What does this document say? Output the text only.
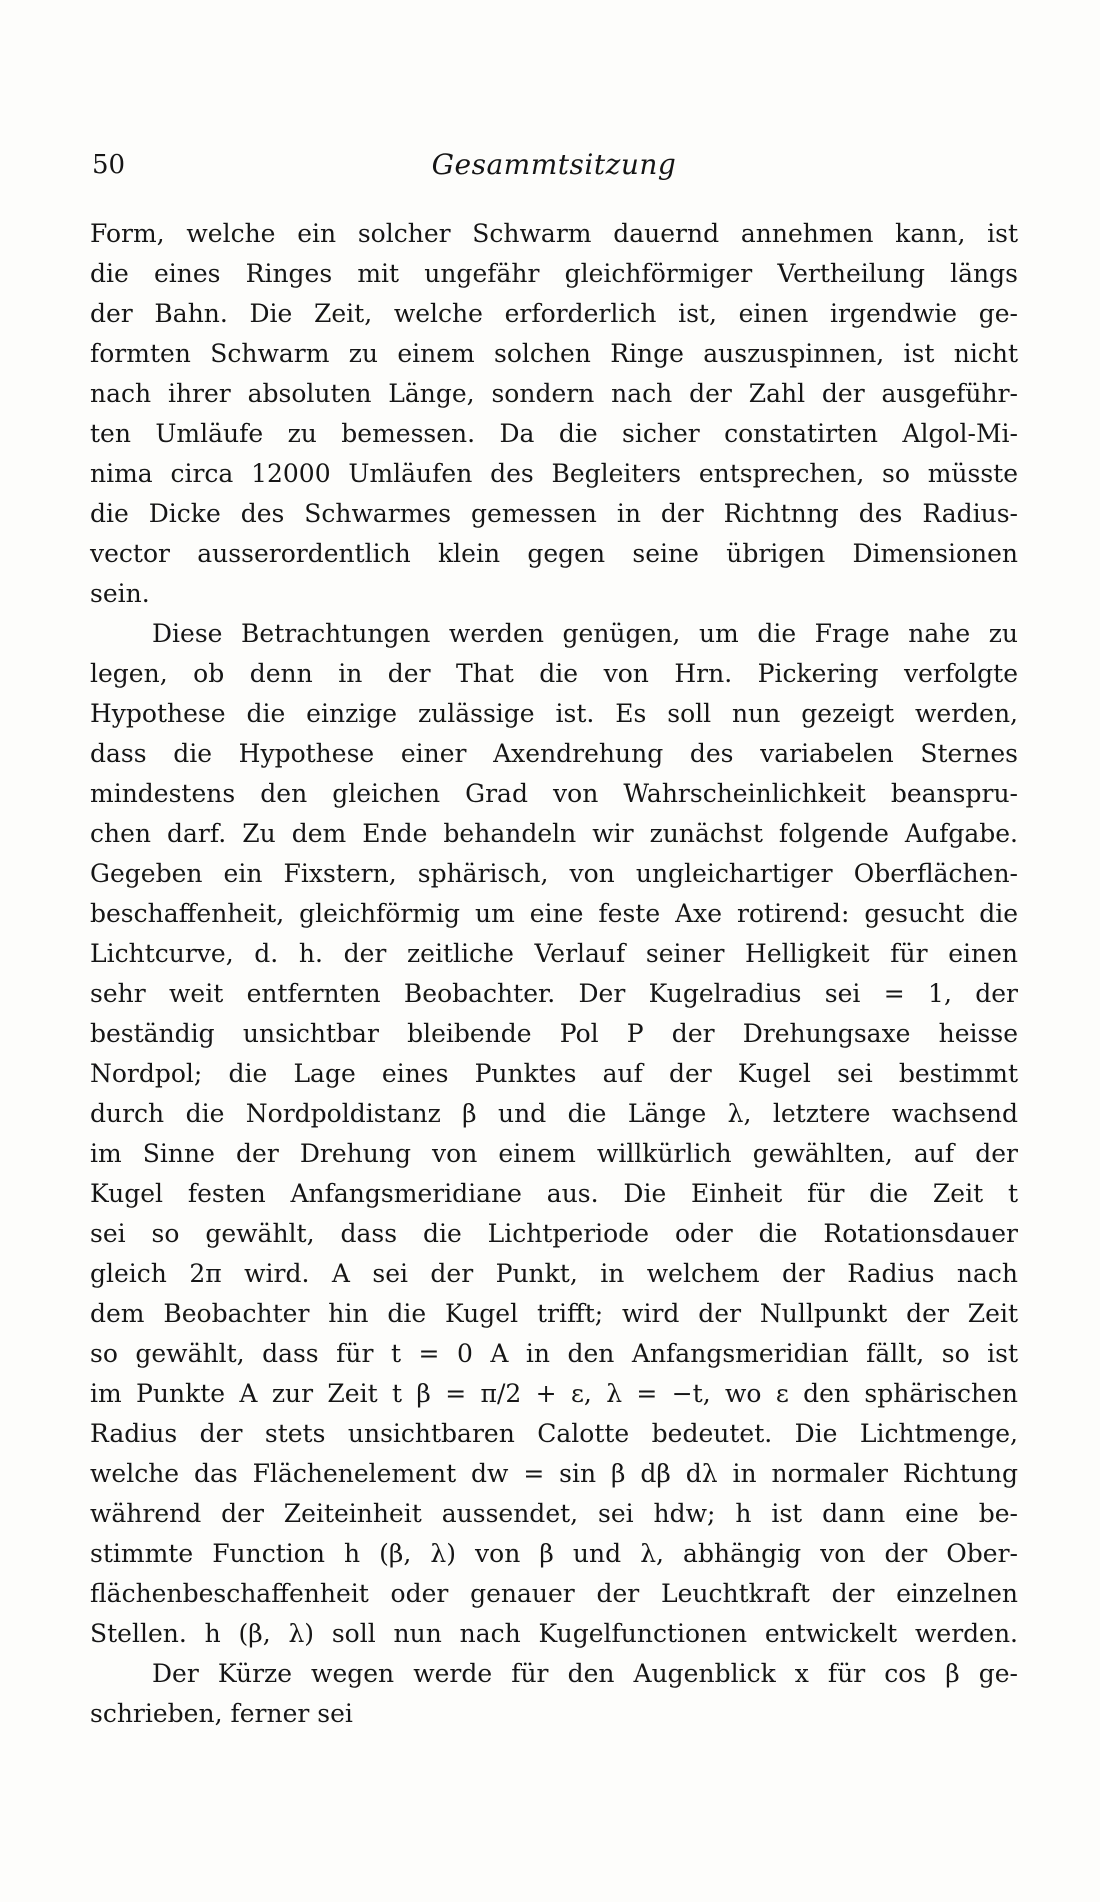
50	Gesammtsitzung
Form, welche ein solcher Schwarm dauernd annehmen kann, ist
die eines Ringes mit ungefähr gleichförmiger Vertheilung längs
der Bahn. Die Zeit, welche erforderlich ist, einen irgendwie ge-
formten Schwarm zu einem solchen Ringe auszuspinnen, ist nicht
nach ihrer absoluten Länge, sondern nach der Zahl der ausgeführ-
ten Umläufe zu bemessen. Da die sicher constatirten Algol-Mi-
nima circa 12000 Umläufen des Begleiters entsprechen, so müsste
die Dicke des Schwarmes gemessen in der Richtnng des Radius-
vector ausserordentlich klein gegen seine übrigen Dimensionen
sein.
Diese Betrachtungen werden genügen, um die Frage nahe zu
legen, ob denn in der That die von Hrn. Pickering verfolgte
Hypothese die einzige zulässige ist. Es soll nun gezeigt werden,
dass die Hypothese einer Axendrehung des variabelen Sternes
mindestens den gleichen Grad von Wahrscheinlichkeit beanspru-
chen darf. Zu dem Ende behandeln wir zunächst folgende Aufgabe.
Gegeben ein Fixstern, sphärisch, von ungleichartiger Oberflächen-
beschaffenheit, gleichförmig um eine feste Axe rotirend: gesucht die
Lichtcurve, d. h. der zeitliche Verlauf seiner Helligkeit für einen
sehr weit entfernten Beobachter. Der Kugelradius sei = 1, der
beständig unsichtbar bleibende Pol P der Drehungsaxe heisse
Nordpol; die Lage eines Punktes auf der Kugel sei bestimmt
durch die Nordpoldistanz β und die Länge λ, letztere wachsend
im Sinne der Drehung von einem willkürlich gewählten, auf der
Kugel festen Anfangsmeridiane aus. Die Einheit für die Zeit t
sei so gewählt, dass die Lichtperiode oder die Rotationsdauer
gleich 2π wird. A sei der Punkt, in welchem der Radius nach
dem Beobachter hin die Kugel trifft; wird der Nullpunkt der Zeit
so gewählt, dass für t = 0 A in den Anfangsmeridian fällt, so ist
im Punkte A zur Zeit t β = π/2 + ε, λ = −t, wo ε den sphärischen
Radius der stets unsichtbaren Calotte bedeutet. Die Lichtmenge,
welche das Flächenelement dw = sin β dβ dλ in normaler Richtung
während der Zeiteinheit aussendet, sei hdw; h ist dann eine be-
stimmte Function h (β, λ) von β und λ, abhängig von der Ober-
flächenbeschaffenheit oder genauer der Leuchtkraft der einzelnen
Stellen. h (β, λ) soll nun nach Kugelfunctionen entwickelt werden.
Der Kürze wegen werde für den Augenblick x für cos β ge-
schrieben, ferner sei
